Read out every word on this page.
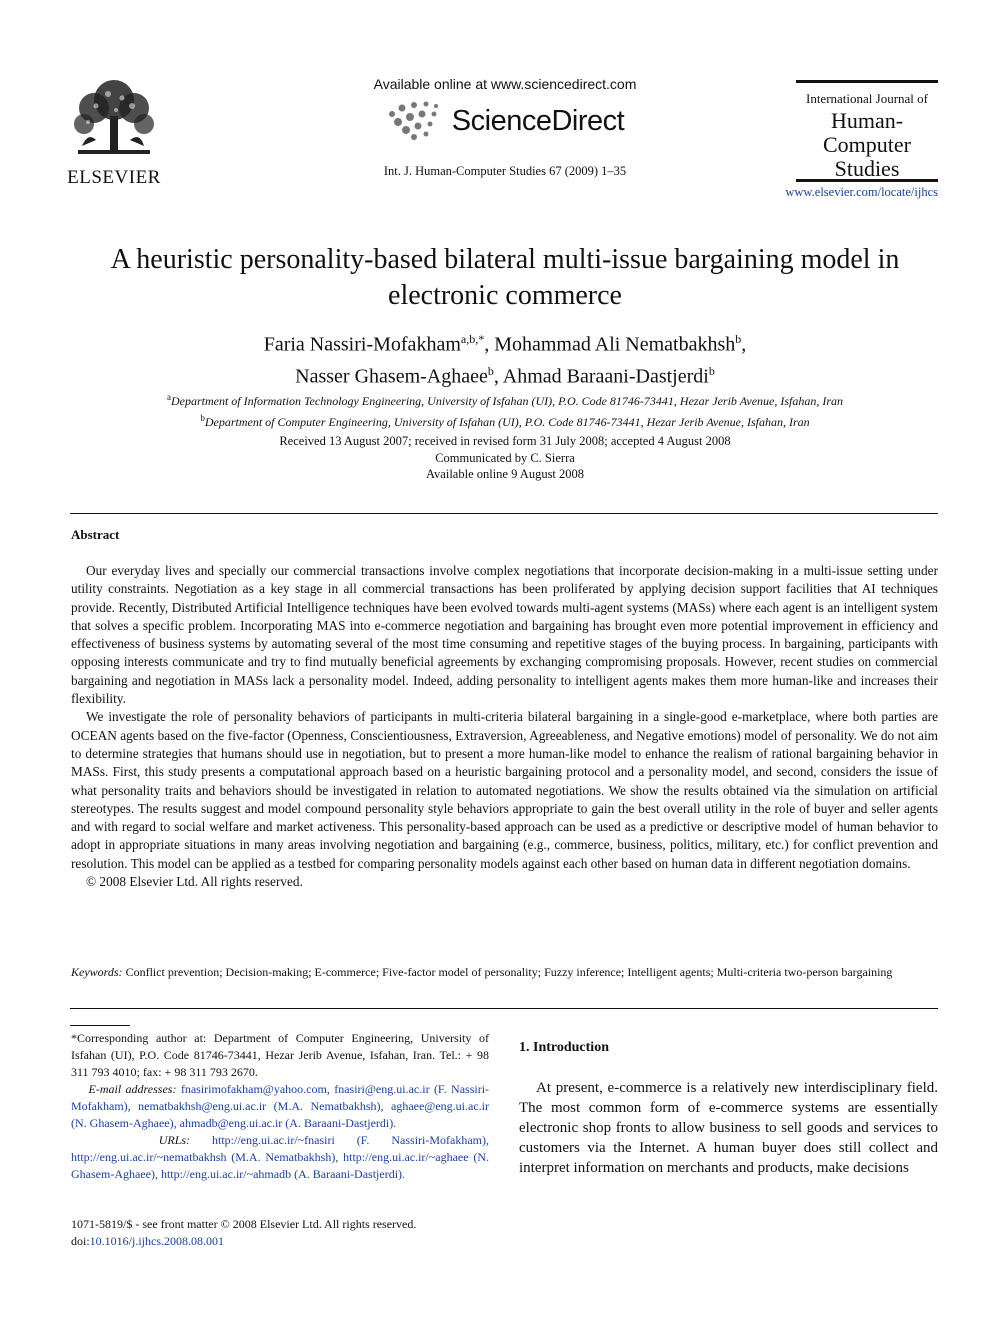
ELSEVIER
Available online at www.sciencedirect.com
ScienceDirect
Int. J. Human-Computer Studies 67 (2009) 1–35
International Journal of
Human-Computer
Studies
www.elsevier.com/locate/ijhcs
A heuristic personality-based bilateral multi-issue bargaining model in electronic commerce
Faria Nassiri-Mofakham$^{a,b,*}$, Mohammad Ali Nematbakhsh$^b$,
Nasser Ghasem-Aghaee$^b$, Ahmad Baraani-Dastjerdi$^b$
$^a$Department of Information Technology Engineering, University of Isfahan (UI), P.O. Code 81746-73441, Hezar Jerib Avenue, Isfahan, Iran
$^b$Department of Computer Engineering, University of Isfahan (UI), P.O. Code 81746-73441, Hezar Jerib Avenue, Isfahan, Iran
Received 13 August 2007; received in revised form 31 July 2008; accepted 4 August 2008
Communicated by C. Sierra
Available online 9 August 2008
Abstract

Our everyday lives and specially our commercial transactions involve complex negotiations that incorporate decision-making in a multi-issue setting under utility constraints. Negotiation as a key stage in all commercial transactions has been proliferated by applying decision support facilities that AI techniques provide. Recently, Distributed Artificial Intelligence techniques have been evolved towards multi-agent systems (MASs) where each agent is an intelligent system that solves a specific problem. Incorporating MAS into e-commerce negotiation and bargaining has brought even more potential improvement in efficiency and effectiveness of business systems by automating several of the most time consuming and repetitive stages of the buying process. In bargaining, participants with opposing interests communicate and try to find mutually beneficial agreements by exchanging compromising proposals. However, recent studies on commercial bargaining and negotiation in MASs lack a personality model. Indeed, adding personality to intelligent agents makes them more human-like and increases their flexibility.

We investigate the role of personality behaviors of participants in multi-criteria bilateral bargaining in a single-good e-marketplace, where both parties are OCEAN agents based on the five-factor (Openness, Conscientiousness, Extraversion, Agreeableness, and Negative emotions) model of personality. We do not aim to determine strategies that humans should use in negotiation, but to present a more human-like model to enhance the realism of rational bargaining behavior in MASs. First, this study presents a computational approach based on a heuristic bargaining protocol and a personality model, and second, considers the issue of what personality traits and behaviors should be investigated in relation to automated negotiations. We show the results obtained via the simulation on artificial stereotypes. The results suggest and model compound personality style behaviors appropriate to gain the best overall utility in the role of buyer and seller agents and with regard to social welfare and market activeness. This personality-based approach can be used as a predictive or descriptive model of human behavior to adopt in appropriate situations in many areas involving negotiation and bargaining (e.g., commerce, business, politics, military, etc.) for conflict prevention and resolution. This model can be applied as a testbed for comparing personality models against each other based on human data in different negotiation domains.

© 2008 Elsevier Ltd. All rights reserved.

Keywords: Conflict prevention; Decision-making; E-commerce; Five-factor model of personality; Fuzzy inference; Intelligent agents; Multi-criteria two-person bargaining

*Corresponding author at: Department of Computer Engineering, University of Isfahan (UI), P.O. Code 81746-73441, Hezar Jerib Avenue, Isfahan, Iran. Tel.: + 98 311 793 4010; fax: + 98 311 793 2670.

E-mail addresses: fnasirimofakham@yahoo.com, fnasiri@eng.ui.ac.ir (F. Nassiri-Mofakham), nematbakhsh@eng.ui.ac.ir (M.A. Nematbakhsh), aghaee@eng.ui.ac.ir (N. Ghasem-Aghaee), ahmadb@eng.ui.ac.ir (A. Baraani-Dastjerdi).

URLs: http://eng.ui.ac.ir/~fnasiri (F. Nassiri-Mofakham), http://eng.ui.ac.ir/~nematbakhsh (M.A. Nematbakhsh), http://eng.ui.ac.ir/~aghaee (N. Ghasem-Aghaee), http://eng.ui.ac.ir/~ahmadb (A. Baraani-Dastjerdi).

1071-5819/$ - see front matter © 2008 Elsevier Ltd. All rights reserved.
doi:10.1016/j.ijhcs.2008.08.001
1. Introduction

At present, e-commerce is a relatively new interdisciplinary field. The most common form of e-commerce systems are essentially electronic shop fronts to allow business to sell goods and services to customers via the Internet. A human buyer does still collect and interpret information on merchants and products, make decisions
